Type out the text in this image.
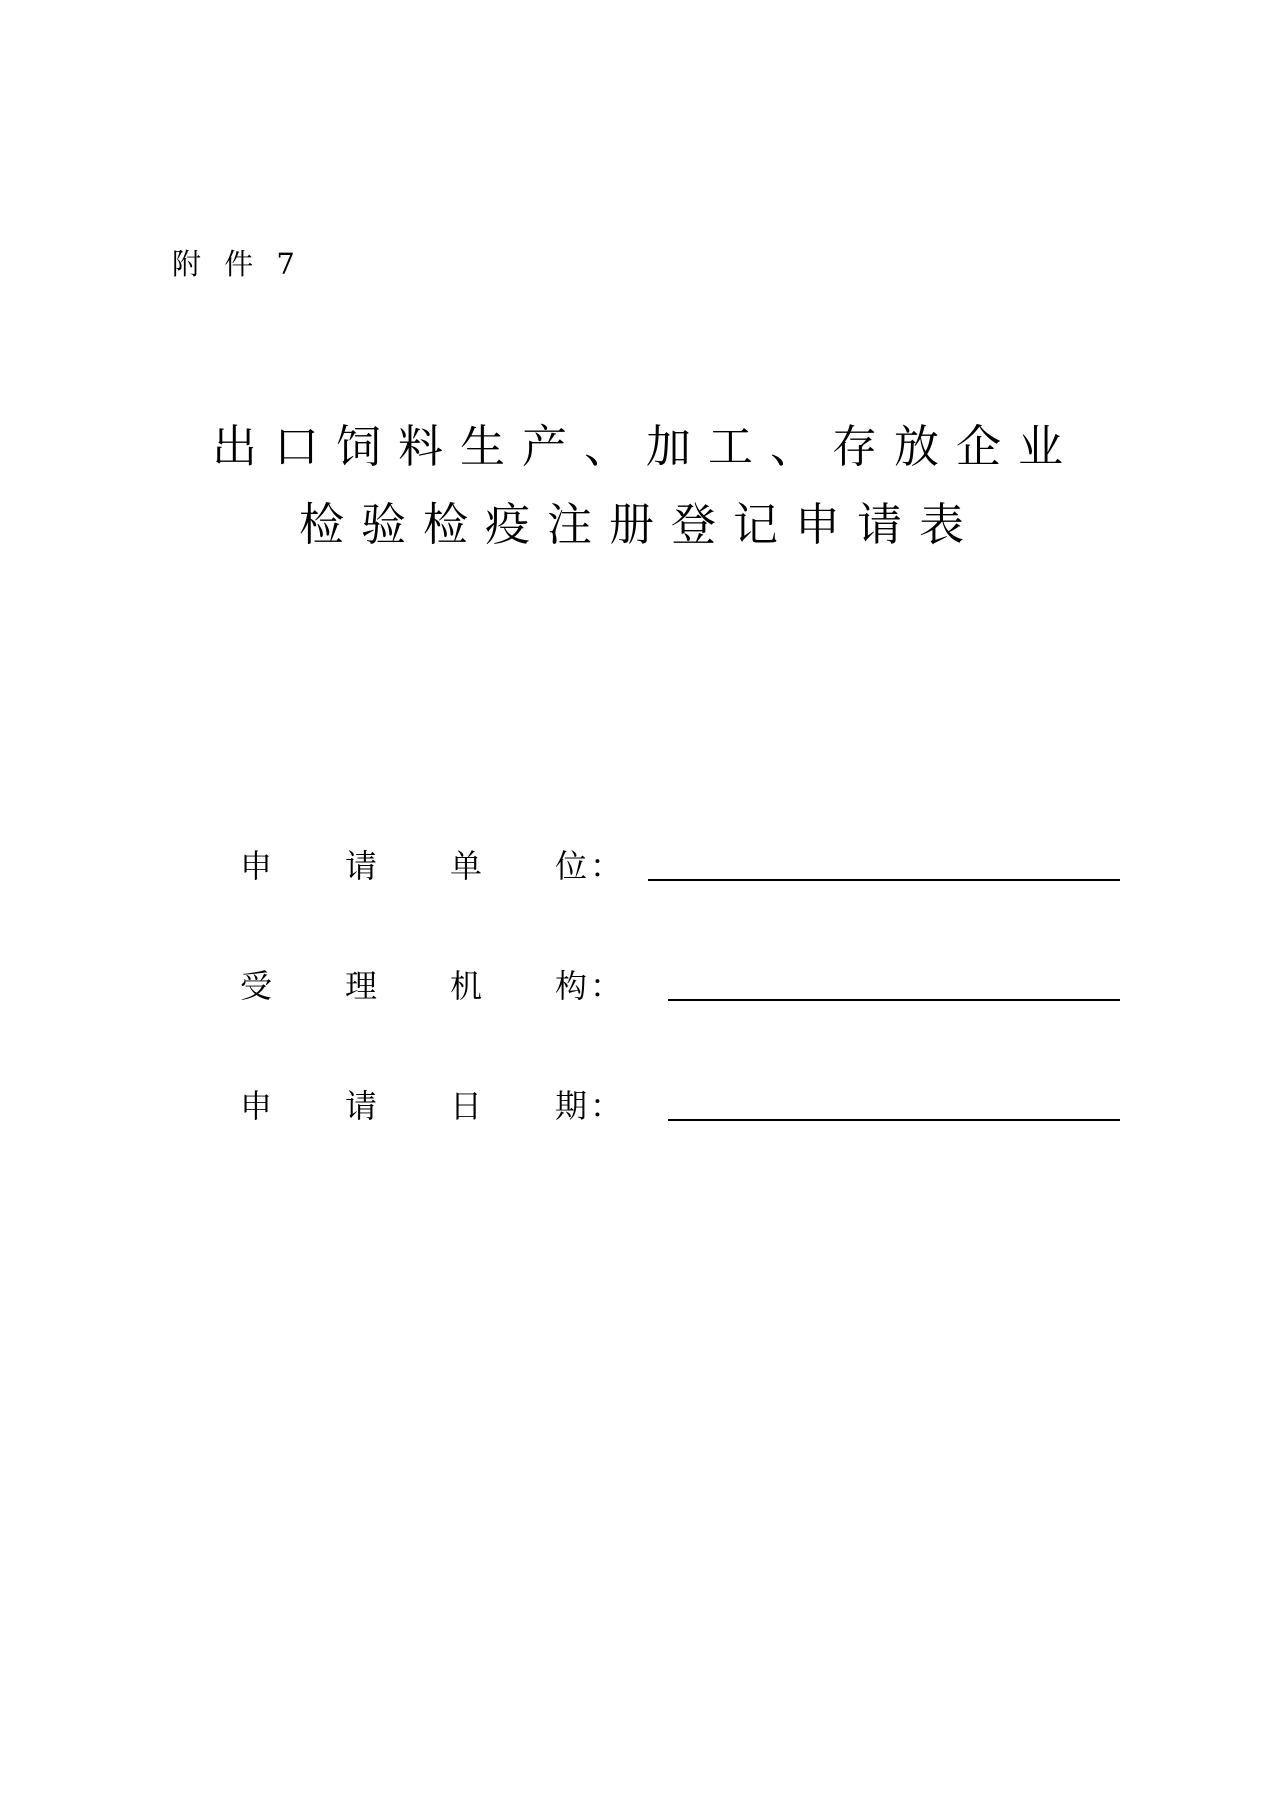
附 件 7
出口饲料生产、加工、存放企业
检验检疫注册登记申请表
申 请 单 位：
受 理 机 构：
申 请 日 期：
